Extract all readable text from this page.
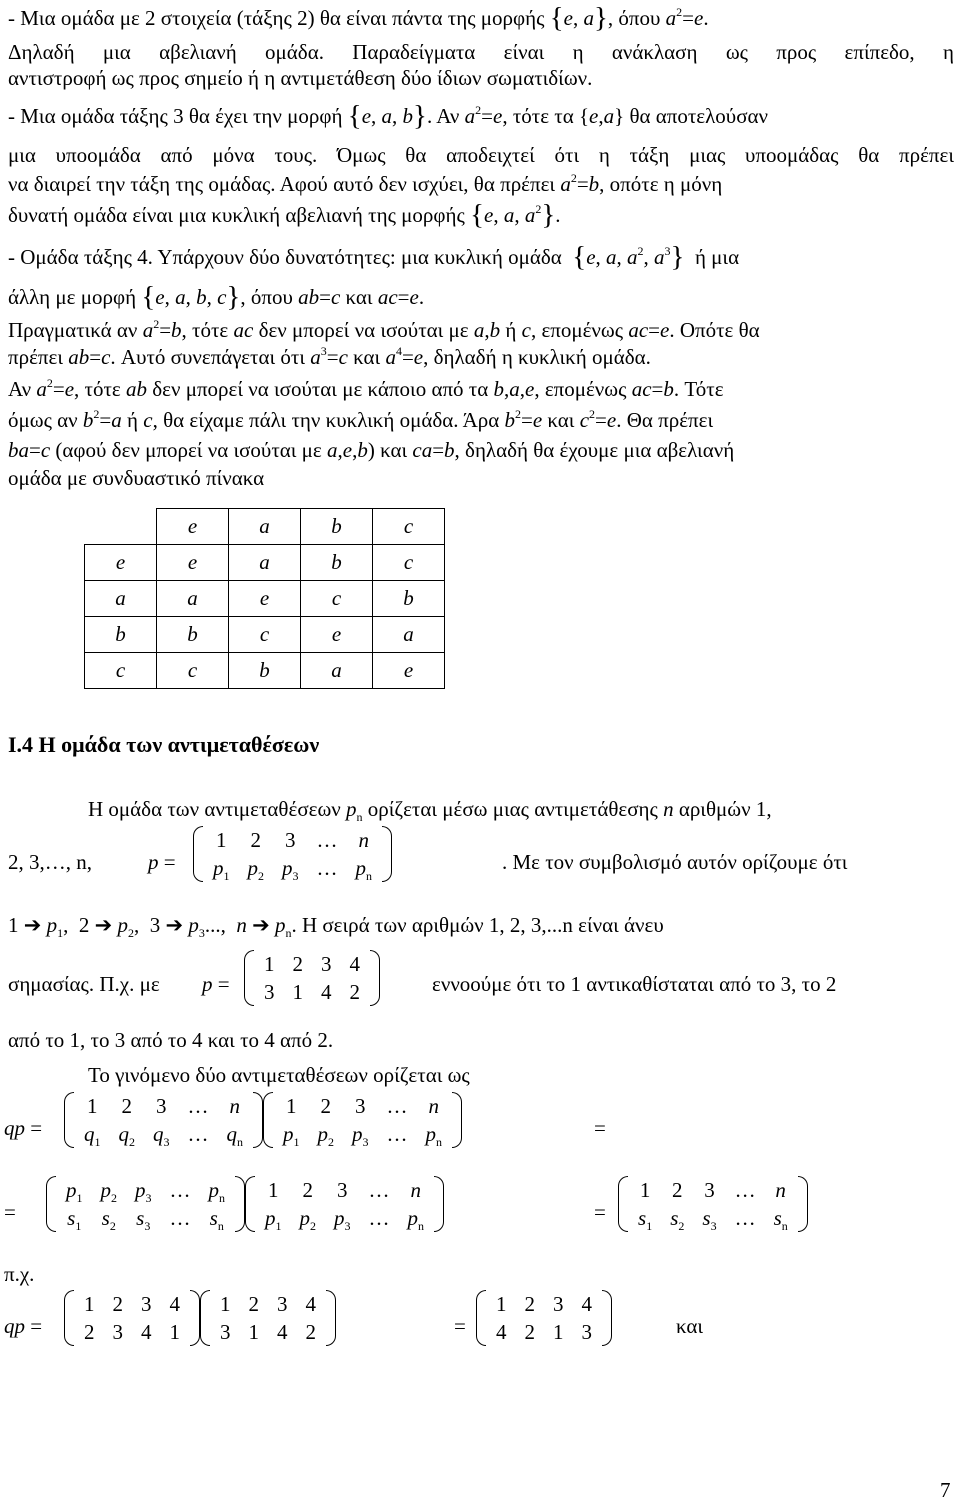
- Μια ομάδα με 2 στοιχεία (τάξης 2) θα είναι πάντα της μορφής {e, a}, όπου $a^2=e$.
Δηλαδή μια αβελιανή ομάδα. Παραδείγματα είναι η ανάκλαση ως προς επίπεδο, η
αντιστροφή ως προς σημείο ή η αντιμετάθεση δύο ίδιων σωματιδίων.
- Μια ομάδα τάξης 3 θα έχει την μορφή {e, a, b}. Αν $a^2=e$, τότε τα {e,a} θα αποτελούσαν
μια υποομάδα από μόνα τους. Όμως θα αποδειχτεί ότι η τάξη μιας υποομάδας θα πρέπει
να διαιρεί την τάξη της ομάδας. Αφού αυτό δεν ισχύει, θα πρέπει $a^2=b$, οπότε η μόνη
δυνατή ομάδα είναι μια κυκλική αβελιανή της μορφής {e, a, $a^2$}.
- Ομάδα τάξης 4. Υπάρχουν δύο δυνατότητες: μια κυκλική ομάδα  {e, a, $a^2$, $a^3$}  ή μια
άλλη με μορφή {e, a, b, c}, όπου ab=c και ac=e.
Πραγματικά αν $a^2=b$, τότε ac δεν μπορεί να ισούται με a,b ή c, επομένως ac=e. Οπότε θα
πρέπει ab=c. Αυτό συνεπάγεται ότι $a^3=c$ και $a^4=e$, δηλαδή η κυκλική ομάδα.
Αν $a^2=e$, τότε ab δεν μπορεί να ισούται με κάποιο από τα b,a,e, επομένως ac=b. Τότε
όμως αν $b^2=a$ ή c, θα είχαμε πάλι την κυκλική ομάδα. Άρα $b^2=e$ και $c^2=e$. Θα πρέπει
ba=c (αφού δεν μπορεί να ισούται με a,e,b) και ca=b, δηλαδή θα έχουμε μια αβελιανή
ομάδα με συνδυαστικό πίνακα
	e	a	b	c
e	e	a	b	c
a	a	e	c	b
b	b	c	e	a
c	c	b	a	e
I.4 Η ομάδα των αντιμεταθέσεων
Η ομάδα των αντιμεταθέσεων $p_n$ ορίζεται μέσω μιας αντιμετάθεσης n αριθμών 1,
2, 3,…, n,	p =
1	2	3	…	n
$p_1$	$p_2$	$p_3$	…	$p_n$
. Με τον συμβολισμό αυτόν ορίζουμε ότι
1 ➔ $p_1$,  2 ➔ $p_2$,  3 ➔ $p_3$...,  n ➔ $p_n$. Η σειρά των αριθμών 1, 2, 3,...n είναι άνευ
σημασίας. Π.χ. με p =
1	2	3	4
3	1	4	2	εννοούμε ότι το 1 αντικαθίσταται από το 3, το 2
από το 1, το 3 από το 4 και το 4 από 2.
Το γινόμενο δύο αντιμεταθέσεων ορίζεται ως
qp =
1	2	3	…	n
$q_1$	$q_2$	$q_3$	…	$q_n$
1	2	3	…	n
$p_1$	$p_2$	$p_3$	…	$p_n$
=
=
$p_1$	$p_2$	$p_3$	…	$p_n$
$s_1$	$s_2$	$s_3$	…	$s_n$
1	2	3	…	n
$p_1$	$p_2$	$p_3$	…	$p_n$
=
1	2	3	…	n
$s_1$	$s_2$	$s_3$	…	$s_n$
π.χ.
qp =
1	2	3	4
2	3	4	1
1	2	3	4
3	1	4	2	=
1	2	3	4
4	2	1	3	και
7
